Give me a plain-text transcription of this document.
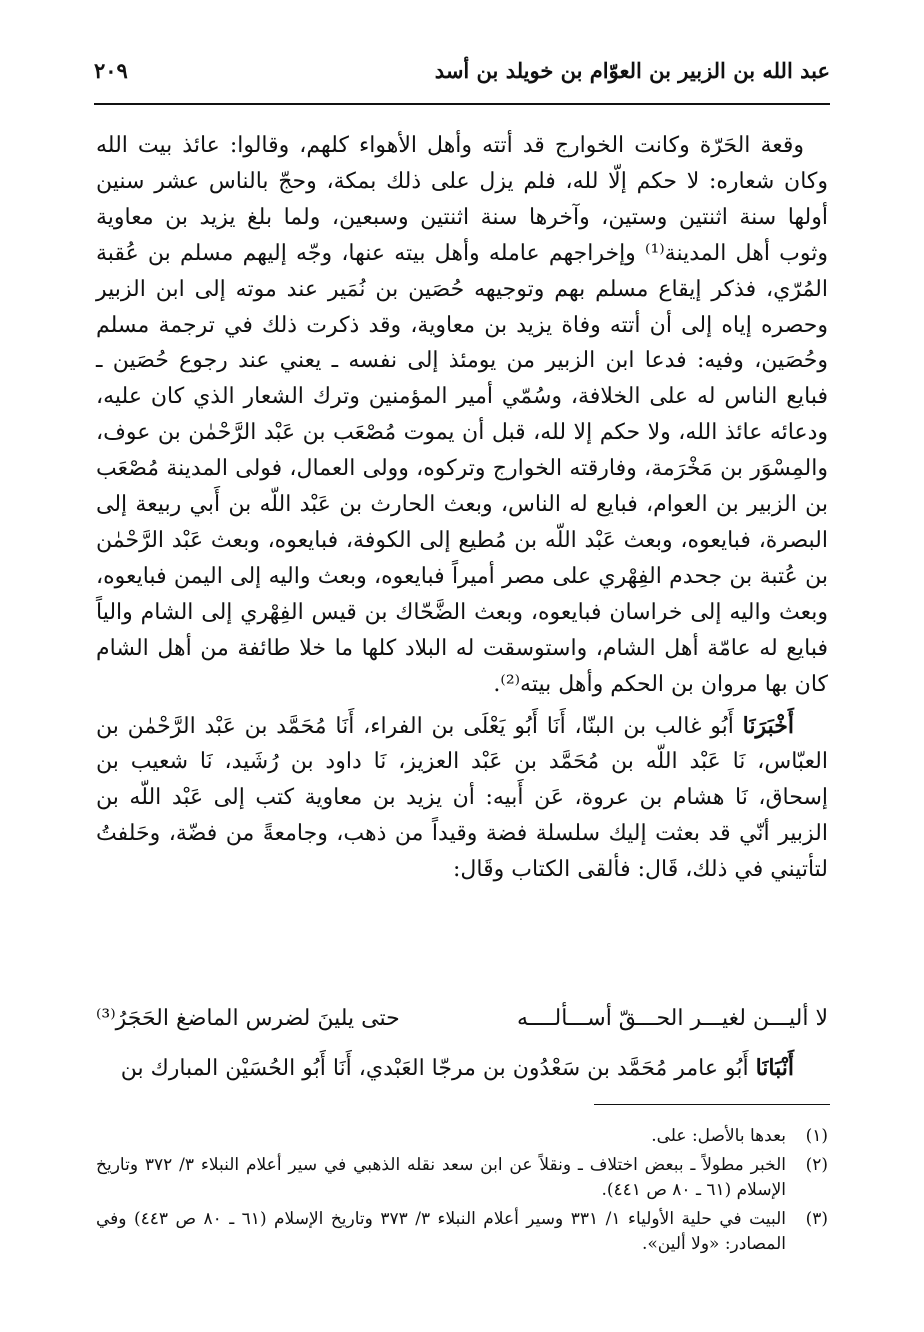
عبد الله بن الزبير بن العوّام بن خويلد بن أسد
٢٠٩

وقعة الحَرّة وكانت الخوارج قد أتته وأهل الأهواء كلهم، وقالوا: عائذ بيت الله وكان شعاره: لا حكم إلّا لله، فلم يزل على ذلك بمكة، وحجّ بالناس عشر سنين أولها سنة اثنتين وستين، وآخرها سنة اثنتين وسبعين، ولما بلغ يزيد بن معاوية وثوب أهل المدينة⁽¹⁾ وإخراجهم عامله وأهل بيته عنها، وجّه إليهم مسلم بن عُقبة المُرّي، فذكر إيقاع مسلم بهم وتوجيهه حُصَين بن نُمَير عند موته إلى ابن الزبير وحصره إياه إلى أن أتته وفاة يزيد بن معاوية، وقد ذكرت ذلك في ترجمة مسلم وحُصَين، وفيه: فدعا ابن الزبير من يومئذ إلى نفسه ـ يعني عند رجوع حُصَين ـ فبايع الناس له على الخلافة، وسُمّي أمير المؤمنين وترك الشعار الذي كان عليه، ودعائه عائذ الله، ولا حكم إلا لله، قبل أن يموت مُصْعَب بن عَبْد الرَّحْمٰن بن عوف، والمِسْوَر بن مَخْرَمة، وفارقته الخوارج وتركوه، وولى العمال، فولى المدينة مُصْعَب بن الزبير بن العوام، فبايع له الناس، وبعث الحارث بن عَبْد اللّه بن أَبي ربيعة إلى البصرة، فبايعوه، وبعث عَبْد اللّه بن مُطيع إلى الكوفة، فبايعوه، وبعث عَبْد الرَّحْمٰن بن عُتبة بن جحدم الفِهْري على مصر أميراً فبايعوه، وبعث واليه إلى اليمن فبايعوه، وبعث واليه إلى خراسان فبايعوه، وبعث الضَّحّاك بن قيس الفِهْري إلى الشام والياً فبايع له عامّة أهل الشام، واستوسقت له البلاد كلها ما خلا طائفة من أهل الشام كان بها مروان بن الحكم وأهل بيته⁽²⁾.

أَخْبَرَنَا أَبُو غالب بن البنّا، أَنَا أَبُو يَعْلَى بن الفراء، أَنَا مُحَمَّد بن عَبْد الرَّحْمٰن بن العبّاس، نَا عَبْد اللّه بن مُحَمَّد بن عَبْد العزيز، نَا داود بن رُشَيد، نَا شعيب بن إسحاق، نَا هشام بن عروة، عَن أَبيه: أن يزيد بن معاوية كتب إلى عَبْد اللّه بن الزبير أنّي قد بعثت إليك سلسلة فضة وقيداً من ذهب، وجامعةً من فضّة، وحَلفتُ لتأتيني في ذلك، قَال: فألقى الكتاب وقَال:

لا أليـــن لغيـــر الحـــقّ أســـألــــه
حتى يلينَ لضرس الماضغ الحَجَرُ⁽³⁾
أَنْبَانَا أَبُو عامر مُحَمَّد بن سَعْدُون بن مرجّا العَبْدي، أَنَا أَبُو الحُسَيْن المبارك بن
(١)
بعدها بالأصل: على.
(٢)
الخبر مطولاً ـ ببعض اختلاف ـ ونقلاً عن ابن سعد نقله الذهبي في سير أعلام النبلاء ٣/ ٣٧٢ وتاريخ الإسلام (٦١ ـ ٨٠ ص ٤٤١).
(٣)
البيت في حلية الأولياء ١/ ٣٣١ وسير أعلام النبلاء ٣/ ٣٧٣ وتاريخ الإسلام (٦١ ـ ٨٠ ص ٤٤٣) وفي المصادر: «ولا ألين».
